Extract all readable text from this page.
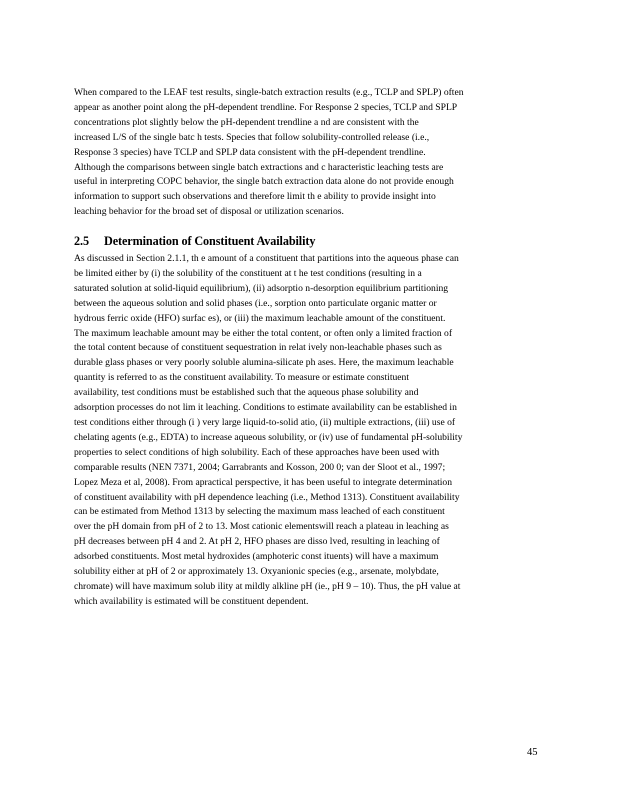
When compared to the LEAF test results, single‐batch extraction results (e.g., TCLP and SPLP) often
appear as another point along the pH‐dependent trendline. For Response 2 species, TCLP and SPLP
concentrations plot slightly below the pH‐dependent trendline a nd are consistent with the
increased L/S of the single batc h tests. Species that follow solubility‐controlled release (i.e.,
Response 3 species) have TCLP and SPLP data consistent with the pH‐dependent trendline.
Although the comparisons between single batch extractions and c haracteristic leaching tests are
useful in interpreting COPC behavior, the single batch extraction data alone do not provide enough
information to support such observations and therefore limit th e ability to provide insight into
leaching behavior for the broad set of disposal or utilization scenarios.
2.5 Determination of Constituent Availability
As discussed in Section 2.1.1, th e amount of a constituent that partitions into the aqueous phase can
be limited either by (i) the solubility of the constituent at t he test conditions (resulting in a
saturated solution at solid‐liquid equilibrium), (ii) adsorptio n‐desorption equilibrium partitioning
between the aqueous solution and solid phases (i.e., sorption onto particulate organic matter or
hydrous ferric oxide (HFO) surfac es), or (iii) the maximum leachable amount of the constituent.
The maximum leachable amount may be either the total content, or often only a limited fraction of
the total content because of constituent sequestration in relat ively non‐leachable phases such as
durable glass phases or very poorly soluble alumina‐silicate ph ases. Here, the maximum leachable
quantity is referred to as the constituent availability. To measure or estimate constituent
availability, test conditions must be established such that the aqueous phase solubility and
adsorption processes do not lim it leaching. Conditions to estimate availability can be established in
test conditions either through (i ) very large liquid‐to‐solid atio, (ii) multiple extractions, (iii) use of
chelating agents (e.g., EDTA) to increase aqueous solubility, or (iv) use of fundamental pH‐solubility
properties to select conditions of high solubility. Each of these approaches have been used with
comparable results (NEN 7371, 2004; Garrabrants and Kosson, 200 0; van der Sloot et al., 1997;
Lopez Meza et al, 2008). From apractical perspective, it has been useful to integrate determination
of constituent availability with pH dependence leaching (i.e., Method 1313). Constituent availability
can be estimated from Method 1313 by selecting the maximum mass leached of each constituent
over the pH domain from pH of 2 to 13. Most cationic elementswill reach a plateau in leaching as
pH decreases between pH 4 and 2. At pH 2, HFO phases are disso lved, resulting in leaching of
adsorbed constituents. Most metal hydroxides (amphoteric const ituents) will have a maximum
solubility either at pH of 2 or approximately 13. Oxyanionic species (e.g., arsenate, molybdate,
chromate) will have maximum solub ility at mildly alkline pH (ie., pH 9 – 10). Thus, the pH value at
which availability is estimated will be constituent dependent.
45
